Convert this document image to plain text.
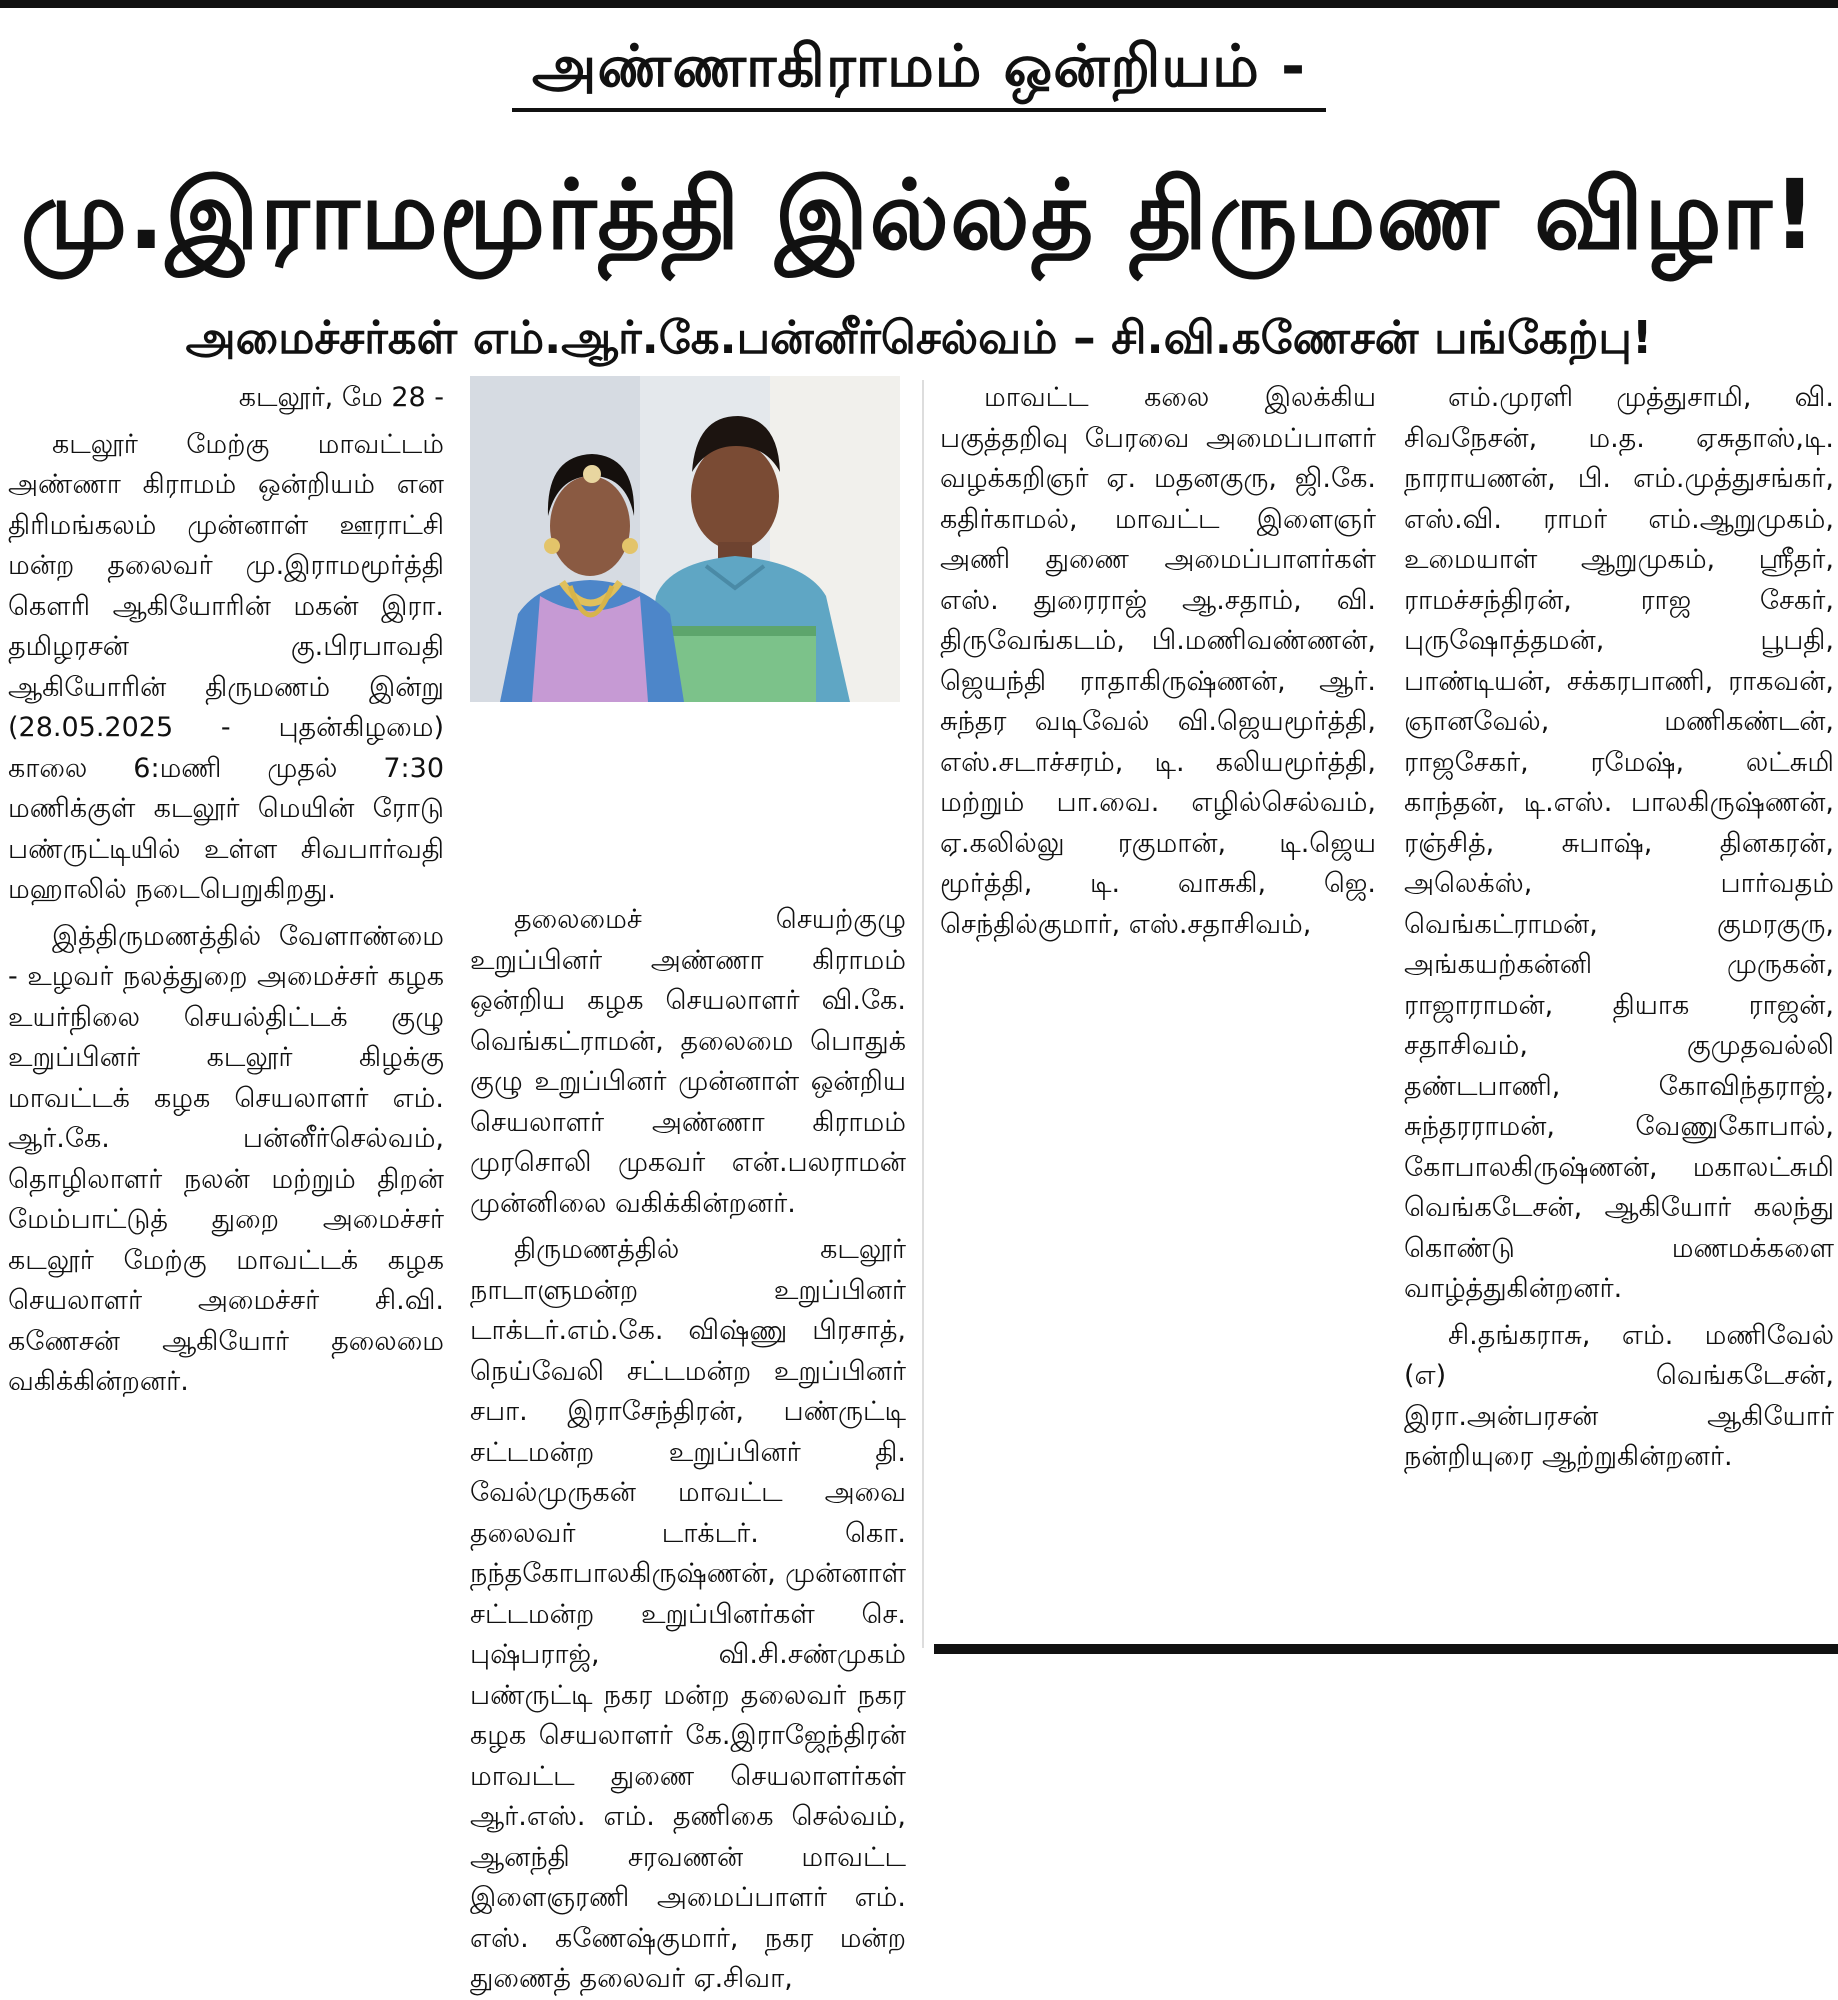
அண்ணாகிராமம் ஒன்றியம் -
மு.இராமமூர்த்தி இல்லத் திருமண விழா!
அமைச்சர்கள் எம்.ஆர்.கே.பன்னீர்செல்வம் – சி.வி.கணேசன் பங்கேற்பு!

கடலூர், மே 28 -

கடலூர் மேற்கு மாவட்டம் அண்ணா கிராமம் ஒன்றியம் என திரிமங்கலம் முன்னாள் ஊராட்சி மன்ற தலைவர் மு.இராமமூர்த்தி கௌரி ஆகியோரின் மகன் இரா. தமிழரசன் கு.பிரபாவதி ஆகியோரின் திருமணம் இன்று (28.05.2025 - புதன்கிழமை) காலை 6:மணி முதல் 7:30 மணிக்குள் கடலூர் மெயின் ரோடு பண்ருட்டியில் உள்ள சிவபார்வதி மஹாலில் நடைபெறுகிறது.

இத்திருமணத்தில் வேளாண்மை - உழவர் நலத்துறை அமைச்சர் கழக உயர்நிலை செயல்திட்டக் குழு உறுப்பினர் கடலூர் கிழக்கு மாவட்டக் கழக செயலாளர் எம். ஆர்.கே. பன்னீர்செல்வம், தொழிலாளர் நலன் மற்றும் திறன் மேம்பாட்டுத் துறை அமைச்சர் கடலூர் மேற்கு மாவட்டக் கழக செயலாளர் அமைச்சர் சி.வி. கணேசன் ஆகியோர் தலைமை வகிக்கின்றனர்.

தலைமைச் செயற்குழு உறுப்பினர் அண்ணா கிராமம் ஒன்றிய கழக செயலாளர் வி.கே. வெங்கட்ராமன், தலைமை பொதுக் குழு உறுப்பினர் முன்னாள் ஒன்றிய செயலாளர் அண்ணா கிராமம் முரசொலி முகவர் என்.பலராமன் முன்னிலை வகிக்கின்றனர்.

திருமணத்தில் கடலூர் நாடாளுமன்ற உறுப்பினர் டாக்டர்.எம்.கே. விஷ்ணு பிரசாத், நெய்வேலி சட்டமன்ற உறுப்பினர் சபா. இராசேந்திரன், பண்ருட்டி சட்டமன்ற உறுப்பினர் தி. வேல்முருகன் மாவட்ட அவை தலைவர் டாக்டர். கொ. நந்தகோபாலகிருஷ்ணன், முன்னாள் சட்டமன்ற உறுப்பினர்கள் செ. புஷ்பராஜ், வி.சி.சண்முகம் பண்ருட்டி நகர மன்ற தலைவர் நகர கழக செயலாளர் கே.இராஜேந்திரன் மாவட்ட துணை செயலாளர்கள் ஆர்.எஸ். எம். தணிகை செல்வம், ஆனந்தி சரவணன் மாவட்ட இளைஞரணி அமைப்பாளர் எம். எஸ். கணேஷ்குமார், நகர மன்ற துணைத் தலைவர் ஏ.சிவா,

மாவட்ட கலை இலக்கிய பகுத்தறிவு பேரவை அமைப்பாளர் வழக்கறிஞர் ஏ. மதனகுரு, ஜி.கே. கதிர்காமல், மாவட்ட இளைஞர் அணி துணை அமைப்பாளர்கள் எஸ். துரைராஜ் ஆ.சதாம், வி. திருவேங்கடம், பி.மணிவண்ணன், ஜெயந்தி ராதாகிருஷ்ணன், ஆர். சுந்தர வடிவேல் வி.ஜெயமூர்த்தி, எஸ்.சடாச்சரம், டி. கலியமூர்த்தி, மற்றும் பா.வை. எழில்செல்வம், ஏ.கலில்லு ரகுமான், டி.ஜெய மூர்த்தி, டி. வாசுகி, ஜெ. செந்தில்குமார், எஸ்.சதாசிவம்,

எம்.முரளி முத்துசாமி, வி. சிவநேசன், ம.த. ஏசுதாஸ்,டி. நாராயணன், பி. எம்.முத்துசங்கர், எஸ்.வி. ராமர் எம்.ஆறுமுகம், உமையாள் ஆறுமுகம், ஸ்ரீதர், ராமச்சந்திரன், ராஜ சேகர், புருஷோத்தமன், பூபதி, பாண்டியன், சக்கரபாணி, ராகவன், ஞானவேல், மணிகண்டன், ராஜசேகர், ரமேஷ், லட்சுமி காந்தன், டி.எஸ். பாலகிருஷ்ணன், ரஞ்சித், சுபாஷ், தினகரன், அலெக்ஸ், பார்வதம் வெங்கட்ராமன், குமரகுரு, அங்கயற்கன்னி முருகன், ராஜாராமன், தியாக ராஜன், சதாசிவம், குமுதவல்லி தண்டபாணி, கோவிந்தராஜ், சுந்தரராமன், வேணுகோபால், கோபாலகிருஷ்ணன், மகாலட்சுமி வெங்கடேசன், ஆகியோர் கலந்து கொண்டு மணமக்களை வாழ்த்துகின்றனர்.

சி.தங்கராசு, எம். மணிவேல் (எ) வெங்கடேசன், இரா.அன்பரசன் ஆகியோர் நன்றியுரை ஆற்றுகின்றனர்.
